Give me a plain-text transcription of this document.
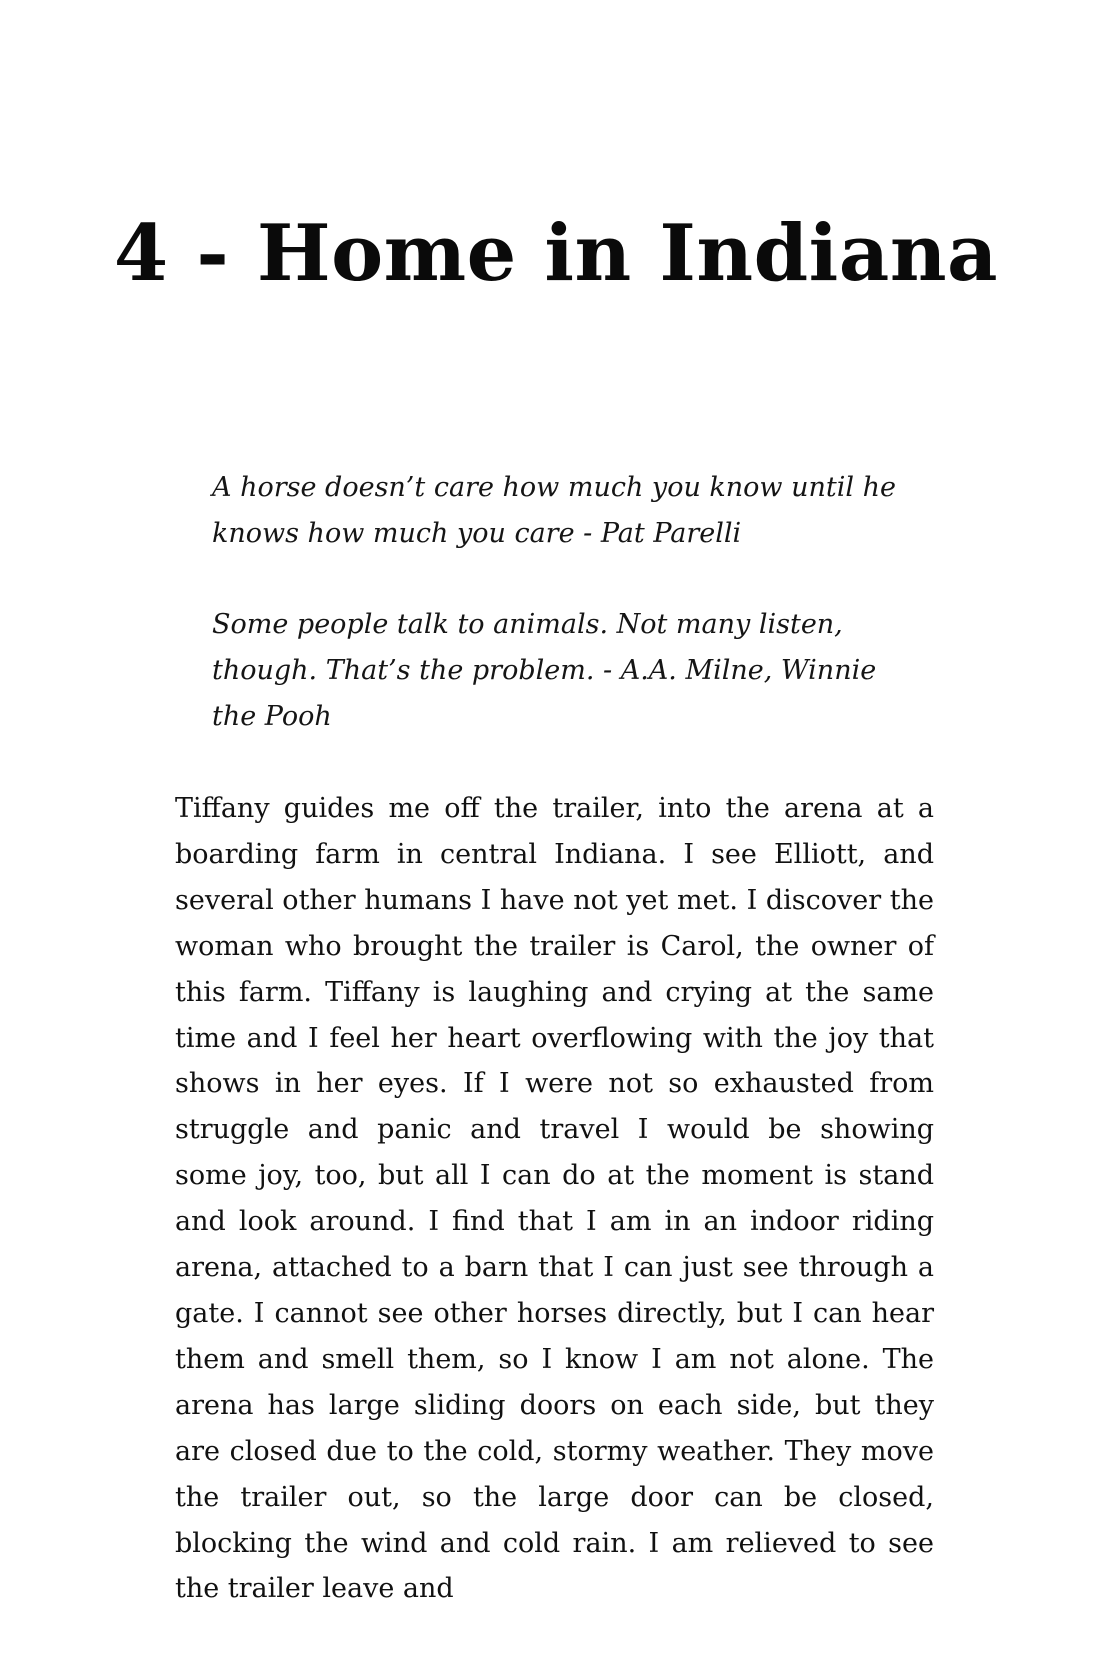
4 - Home in Indiana

A horse doesn’t care how much you know until he knows how much you care - Pat Parelli

Some people talk to animals. Not many listen, though. That’s the problem. - A.A. Milne, Winnie the Pooh

Tiffany guides me off the trailer, into the arena at a boarding farm in central Indiana. I see Elliott, and several other humans I have not yet met. I discover the woman who brought the trailer is Carol, the owner of this farm. Tiffany is laughing and crying at the same time and I feel her heart overflowing with the joy that shows in her eyes. If I were not so exhausted from struggle and panic and travel I would be showing some joy, too, but all I can do at the moment is stand and look around. I find that I am in an indoor riding arena, attached to a barn that I can just see through a gate. I cannot see other horses directly, but I can hear them and smell them, so I know I am not alone. The arena has large sliding doors on each side, but they are closed due to the cold, stormy weather. They move the trailer out, so the large door can be closed, blocking the wind and cold rain. I am relieved to see the trailer leave and
